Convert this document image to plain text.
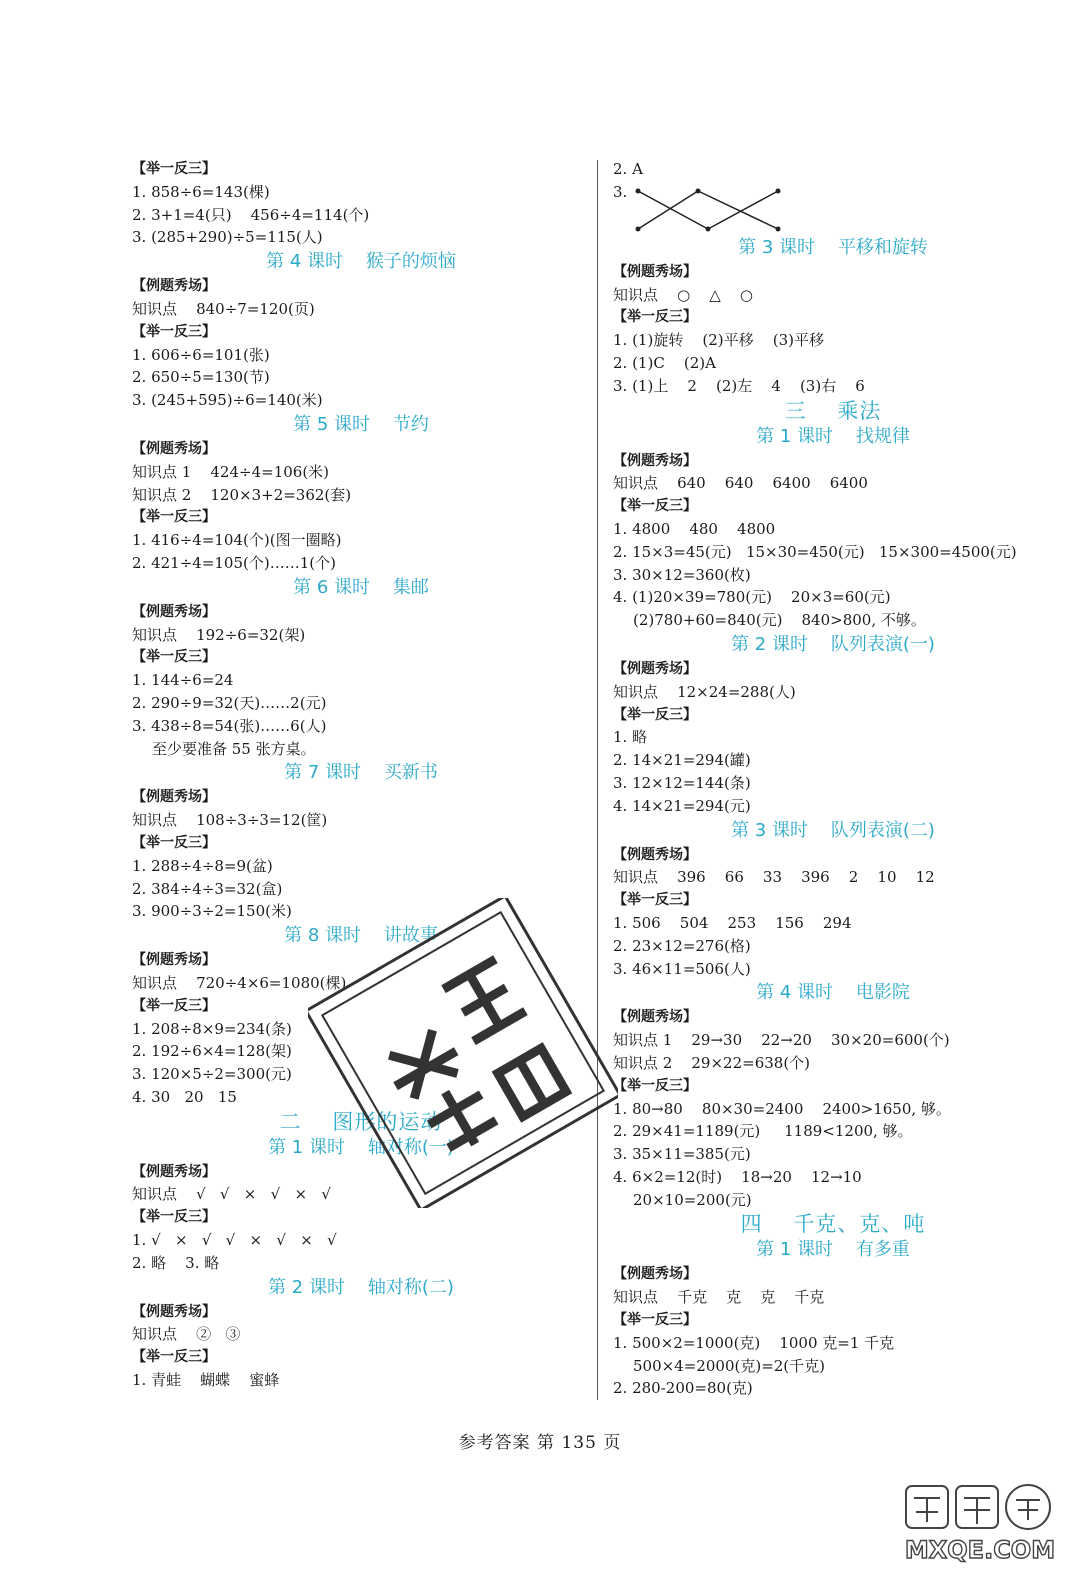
【举一反三】
1. 858÷6=143(棵)
2. 3+1=4(只)    456÷4=114(个)
3. (285+290)÷5=115(人)
第 4 课时    猴子的烦恼
【例题秀场】
知识点    840÷7=120(页)
【举一反三】
1. 606÷6=101(张)
2. 650÷5=130(节)
3. (245+595)÷6=140(米)
第 5 课时    节约
【例题秀场】
知识点 1    424÷4=106(米)
知识点 2    120×3+2=362(套)
【举一反三】
1. 416÷4=104(个)(图一圈略)
2. 421÷4=105(个)……1(个)
第 6 课时    集邮
【例题秀场】
知识点    192÷6=32(架)
【举一反三】
1. 144÷6=24
2. 290÷9=32(天)……2(元)
3. 438÷8=54(张)……6(人)
至少要准备 55 张方桌。
第 7 课时    买新书
【例题秀场】
知识点    108÷3÷3=12(筐)
【举一反三】
1. 288÷4÷8=9(盆)
2. 384÷4÷3=32(盒)
3. 900÷3÷2=150(米)
第 8 课时    讲故事
【例题秀场】
知识点    720÷4×6=1080(棵)
【举一反三】
1. 208÷8×9=234(条)
2. 192÷6×4=128(架)
3. 120×5÷2=300(元)
4. 30   20   15
二    图形的运动
第 1 课时    轴对称(一)
【例题秀场】
知识点    √   √   ×   √   ×   √
【举一反三】
1. √   ×   √   √   ×   √   ×   √
2. 略    3. 略
第 2 课时    轴对称(二)
【例题秀场】
知识点    ②   ③
【举一反三】
1. 青蛙    蝴蝶    蜜蜂
2. A
3.
第 3 课时    平移和旋转
【例题秀场】
知识点    ○    △    ○
【举一反三】
1. (1)旋转    (2)平移    (3)平移
2. (1)C    (2)A
3. (1)上    2    (2)左    4    (3)右    6
三    乘法
第 1 课时    找规律
【例题秀场】
知识点    640    640    6400    6400
【举一反三】
1. 4800    480    4800
2. 15×3=45(元)   15×30=450(元)   15×300=4500(元)
3. 30×12=360(枚)
4. (1)20×39=780(元)    20×3=60(元)
(2)780+60=840(元)    840>800, 不够。
第 2 课时    队列表演(一)
【例题秀场】
知识点    12×24=288(人)
【举一反三】
1. 略
2. 14×21=294(罐)
3. 12×12=144(条)
4. 14×21=294(元)
第 3 课时    队列表演(二)
【例题秀场】
知识点    396    66    33    396    2    10    12
【举一反三】
1. 506    504    253    156    294
2. 23×12=276(格)
3. 46×11=506(人)
第 4 课时    电影院
【例题秀场】
知识点 1    29→30    22→20    30×20=600(个)
知识点 2    29×22=638(个)
【举一反三】
1. 80→80    80×30=2400    2400>1650, 够。
2. 29×41=1189(元)     1189<1200, 够。
3. 35×11=385(元)
4. 6×2=12(时)    18→20    12→10
20×10=200(元)
四    千克、克、吨
第 1 课时    有多重
【例题秀场】
知识点    千克    克    克    千克
【举一反三】
1. 500×2=1000(克)    1000 克=1 千克
500×4=2000(克)=2(千克)
2. 280-200=80(克)
参考答案 第 135 页
MXQE.COM
